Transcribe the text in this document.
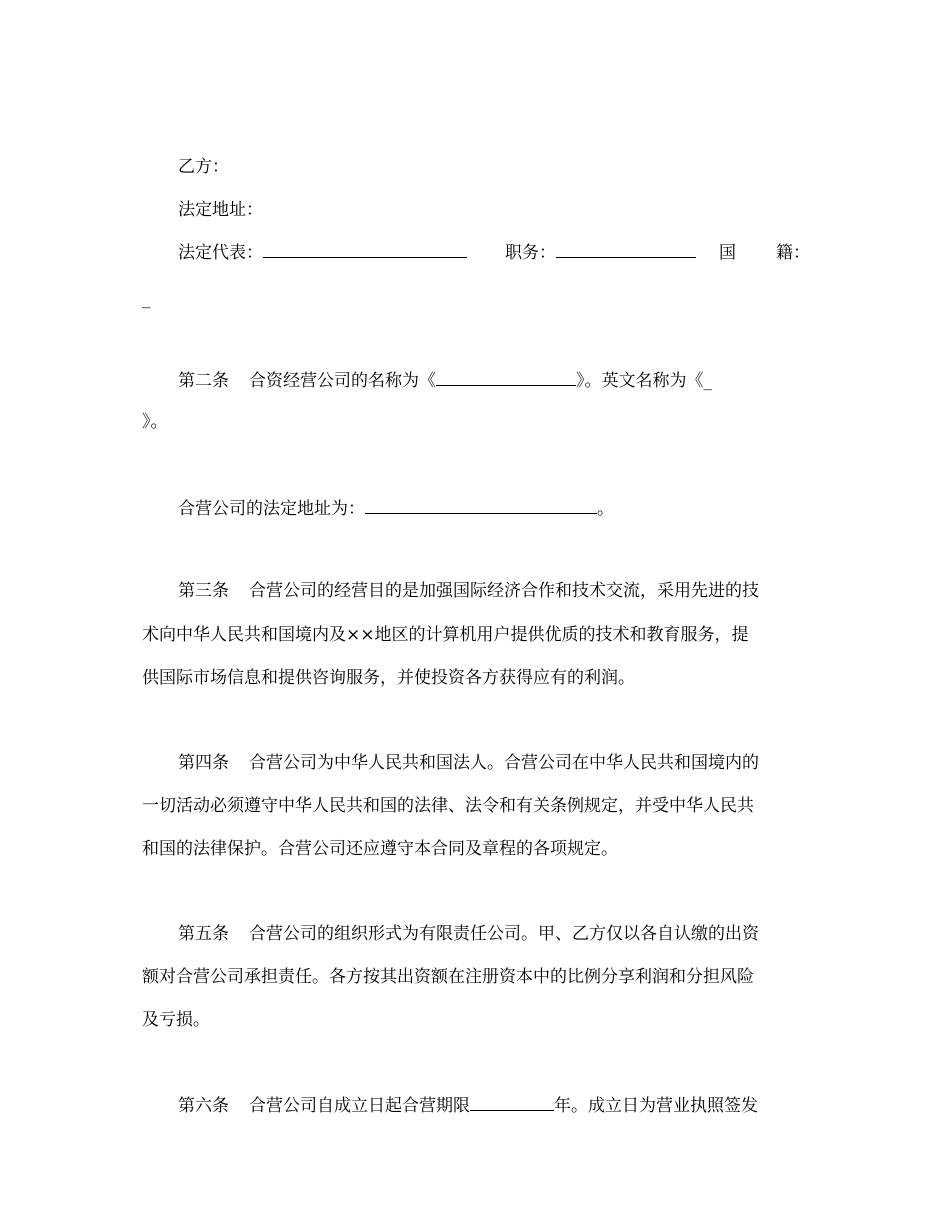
乙方：
法定地址：
法定代表：	职务：	国 籍：
_
第二条 合资经营公司的名称为《	》。英文名称为《_
》。
合营公司的法定地址为：	。
第三条 合营公司的经营目的是加强国际经济合作和技术交流，采用先进的技
术向中华人民共和国境内及××地区的计算机用户提供优质的技术和教育服务，提
供国际市场信息和提供咨询服务，并使投资各方获得应有的利润。
第四条 合营公司为中华人民共和国法人。合营公司在中华人民共和国境内的
一切活动必须遵守中华人民共和国的法律、法令和有关条例规定，并受中华人民共
和国的法律保护。合营公司还应遵守本合同及章程的各项规定。
第五条 合营公司的组织形式为有限责任公司。甲、乙方仅以各自认缴的出资
额对合营公司承担责任。各方按其出资额在注册资本中的比例分享利润和分担风险
及亏损。
第六条 合营公司自成立日起合营期限	年。成立日为营业执照签发
